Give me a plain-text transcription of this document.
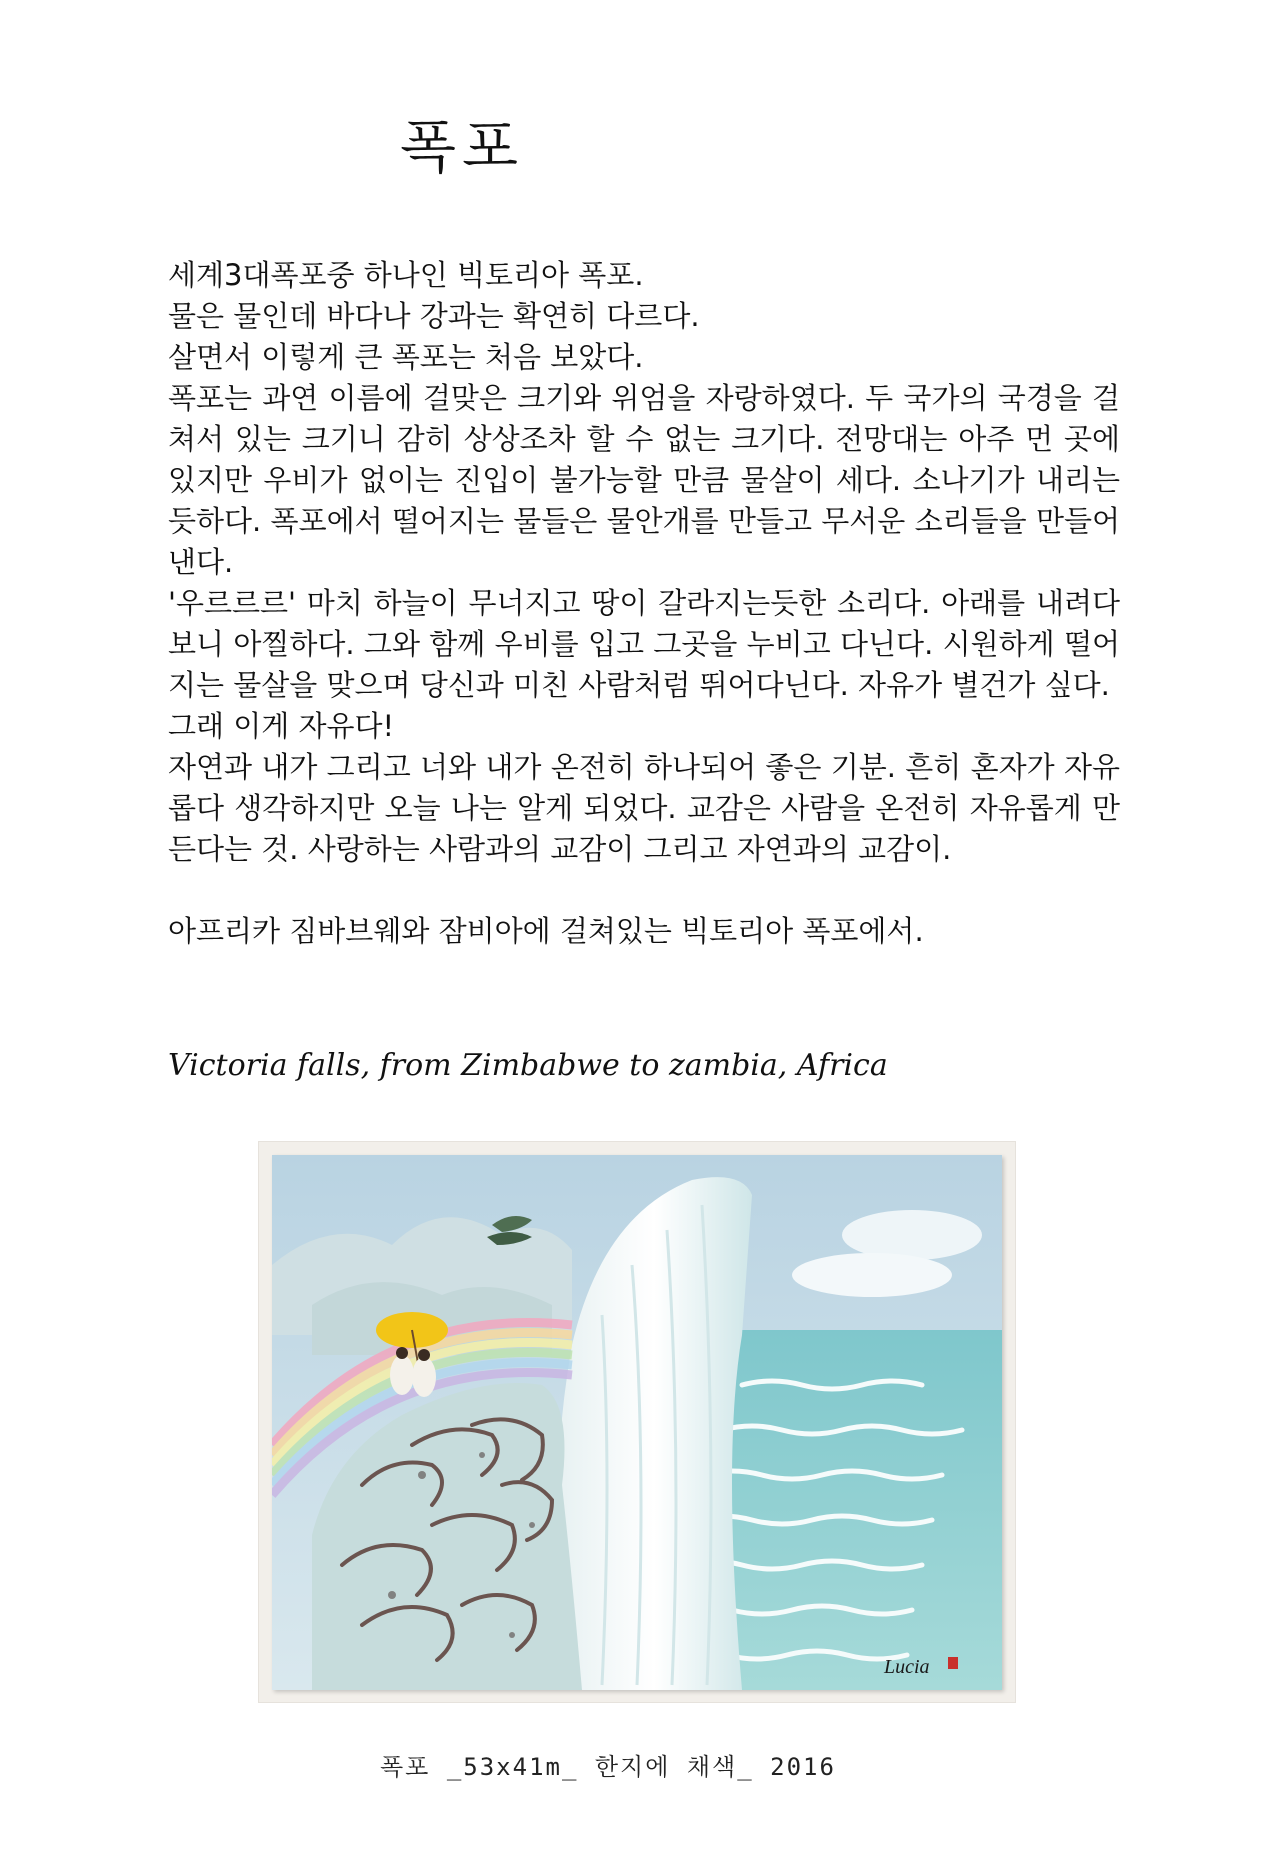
폭포

세계3대폭포중 하나인 빅토리아 폭포.

물은 물인데 바다나 강과는 확연히 다르다.

살면서 이렇게 큰 폭포는 처음 보았다.

폭포는 과연 이름에 걸맞은 크기와 위엄을 자랑하였다. 두 국가의 국경을 걸쳐서 있는 크기니 감히 상상조차 할 수 없는 크기다. 전망대는 아주 먼 곳에 있지만 우비가 없이는 진입이 불가능할 만큼 물살이 세다. 소나기가 내리는듯하다. 폭포에서 떨어지는 물들은 물안개를 만들고 무서운 소리들을 만들어낸다.

'우르르르' 마치 하늘이 무너지고 땅이 갈라지는듯한 소리다. 아래를 내려다보니 아찔하다. 그와 함께 우비를 입고 그곳을 누비고 다닌다. 시원하게 떨어지는 물살을 맞으며 당신과 미친 사람처럼 뛰어다닌다. 자유가 별건가 싶다.

그래 이게 자유다!

자연과 내가 그리고 너와 내가 온전히 하나되어 좋은 기분. 흔히 혼자가 자유롭다 생각하지만 오늘 나는 알게 되었다. 교감은 사람을 온전히 자유롭게 만든다는 것. 사랑하는 사람과의 교감이 그리고 자연과의 교감이.

아프리카 짐바브웨와 잠비아에 걸쳐있는 빅토리아 폭포에서.

Victoria falls, from Zimbabwe to zambia, Africa
Lucia
폭포 _53x41m_ 한지에 채색_ 2016
